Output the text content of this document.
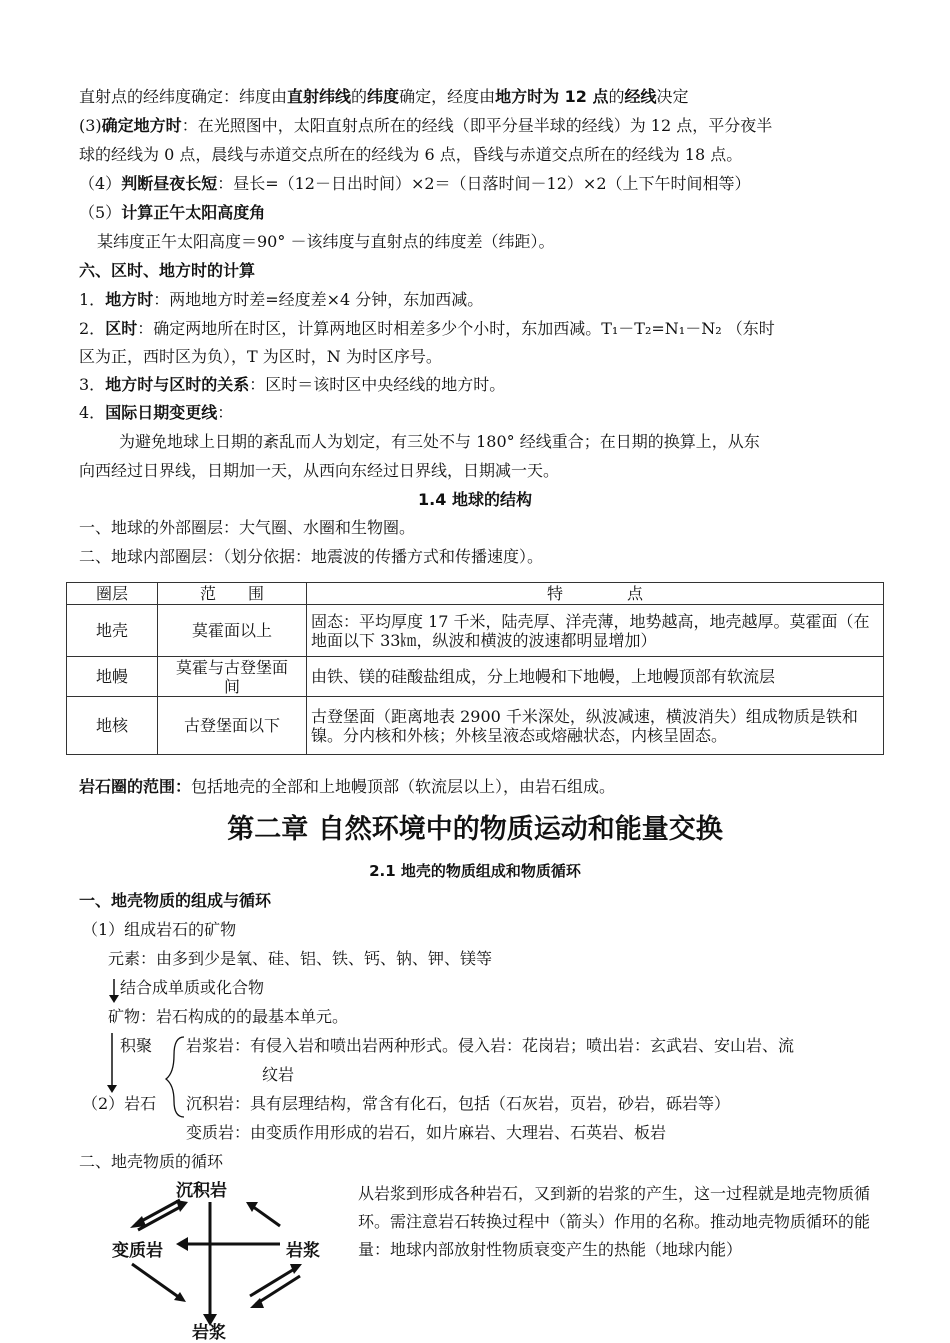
直射点的经纬度确定：纬度由直射纬线的纬度确定，经度由地方时为 12 点的经线决定
(3)确定地方时：在光照图中，太阳直射点所在的经线（即平分昼半球的经线）为 12 点，平分夜半
球的经线为 0 点，晨线与赤道交点所在的经线为 6 点，昏线与赤道交点所在的经线为 18 点。
（4）判断昼夜长短：昼长=（12－日出时间）×2＝（日落时间－12）×2（上下午时间相等）
（5）计算正午太阳高度角
某纬度正午太阳高度＝90° －该纬度与直射点的纬度差（纬距）。
六、区时、地方时的计算
1．地方时：两地地方时差=经度差×4 分钟，东加西减。
2．区时：确定两地所在时区，计算两地区时相差多少个小时，东加西减。T₁－T₂=N₁－N₂ （东时
区为正，西时区为负），T 为区时，N 为时区序号。
3．地方时与区时的关系：区时＝该时区中央经线的地方时。
4．国际日期变更线：
为避免地球上日期的紊乱而人为划定，有三处不与 180° 经线重合；在日期的换算上，从东
向西经过日界线，日期加一天，从西向东经过日界线，日期减一天。
1.4 地球的结构
一、地球的外部圈层：大气圈、水圈和生物圈。
二、地球内部圈层：（划分依据：地震波的传播方式和传播速度）。
圈层	范　　围	特　　　　点
地壳	莫霍面以上	固态：平均厚度 17 千米，陆壳厚、洋壳薄，地势越高，地壳越厚。莫霍面（在地面以下 33㎞，纵波和横波的波速都明显增加）
地幔	莫霍与古登堡面间	由铁、镁的硅酸盐组成，分上地幔和下地幔，上地幔顶部有软流层
地核	古登堡面以下	古登堡面（距离地表 2900 千米深处，纵波减速，横波消失）组成物质是铁和镍。分内核和外核；外核呈液态或熔融状态，内核呈固态。
岩石圈的范围：包括地壳的全部和上地幔顶部（软流层以上），由岩石组成。
第二章 自然环境中的物质运动和能量交换
2.1 地壳的物质组成和物质循环
一、地壳物质的组成与循环
（1）组成岩石的矿物
元素：由多到少是氧、硅、铝、铁、钙、钠、钾、镁等
结合成单质或化合物
矿物：岩石构成的的最基本单元。
积聚 岩浆岩：有侵入岩和喷出岩两种形式。侵入岩：花岗岩；喷出岩：玄武岩、安山岩、流
纹岩
（2）岩石 沉积岩：具有层理结构，常含有化石，包括（石灰岩，页岩，砂岩，砾岩等）
变质岩：由变质作用形成的岩石，如片麻岩、大理岩、石英岩、板岩
二、地壳物质的循环
沉积岩
变质岩	岩浆
岩浆
从岩浆到形成各种岩石，又到新的岩浆的产生，这一过程就是地壳物质循环。需注意岩石转换过程中（箭头）作用的名称。推动地壳物质循环的能量：地球内部放射性物质衰变产生的热能（地球内能）
